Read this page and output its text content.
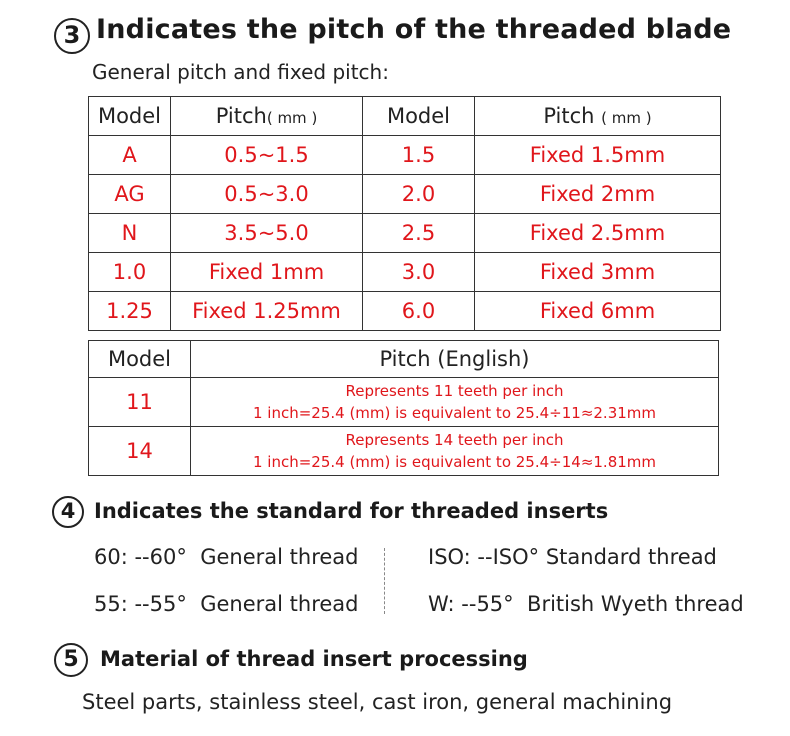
3 Indicates the pitch of the threaded blade
General pitch and fixed pitch:
Model	Pitch( mm )	Model	Pitch ( mm )
A	0.5~1.5	1.5	Fixed 1.5mm
AG	0.5~3.0	2.0	Fixed 2mm
N	3.5~5.0	2.5	Fixed 2.5mm
1.0	Fixed 1mm	3.0	Fixed 3mm
1.25	Fixed 1.25mm	6.0	Fixed 6mm
Model	Pitch (English)
11	Represents 11 teeth per inch
1 inch=25.4 (mm) is equivalent to 25.4÷11≈2.31mm

14	Represents 14 teeth per inch
1 inch=25.4 (mm) is equivalent to 25.4÷14≈1.81mm
4 Indicates the standard for threaded inserts
60: --60° General thread
55: --55° General thread
ISO: --ISO° Standard thread
W: --55° British Wyeth thread
5	Material of thread insert processing
Steel parts, stainless steel, cast iron, general machining
